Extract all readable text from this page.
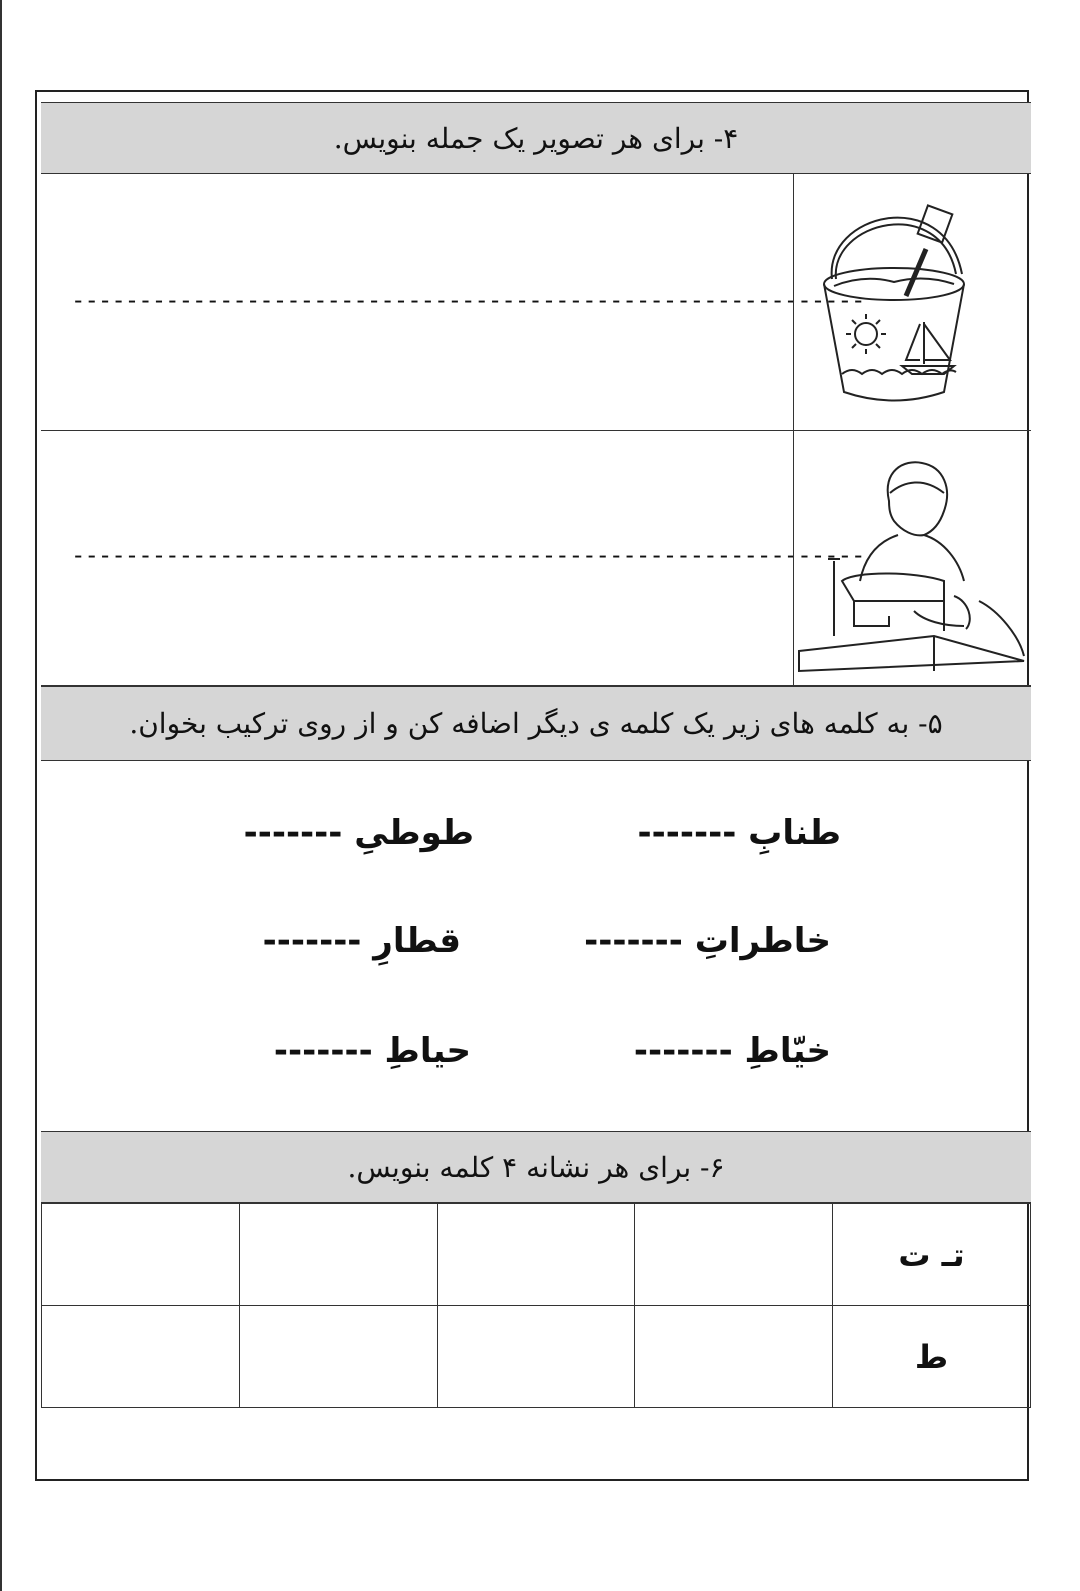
۴- برای هر تصویر یک جمله بنویس.
-----------------------------------------------------------
-----------------------------------------------------------
۵- به کلمه های زیر یک کلمه ی دیگر اضافه کن و از روی ترکیب بخوان.
طنابِ -------
طوطیِ -------
خاطراتِ -------
قطارِ -------
خیّاطِ -------
حیاطِ -------
۶- برای هر نشانه ۴ کلمه بنویس.
				تـ ت
				ط
